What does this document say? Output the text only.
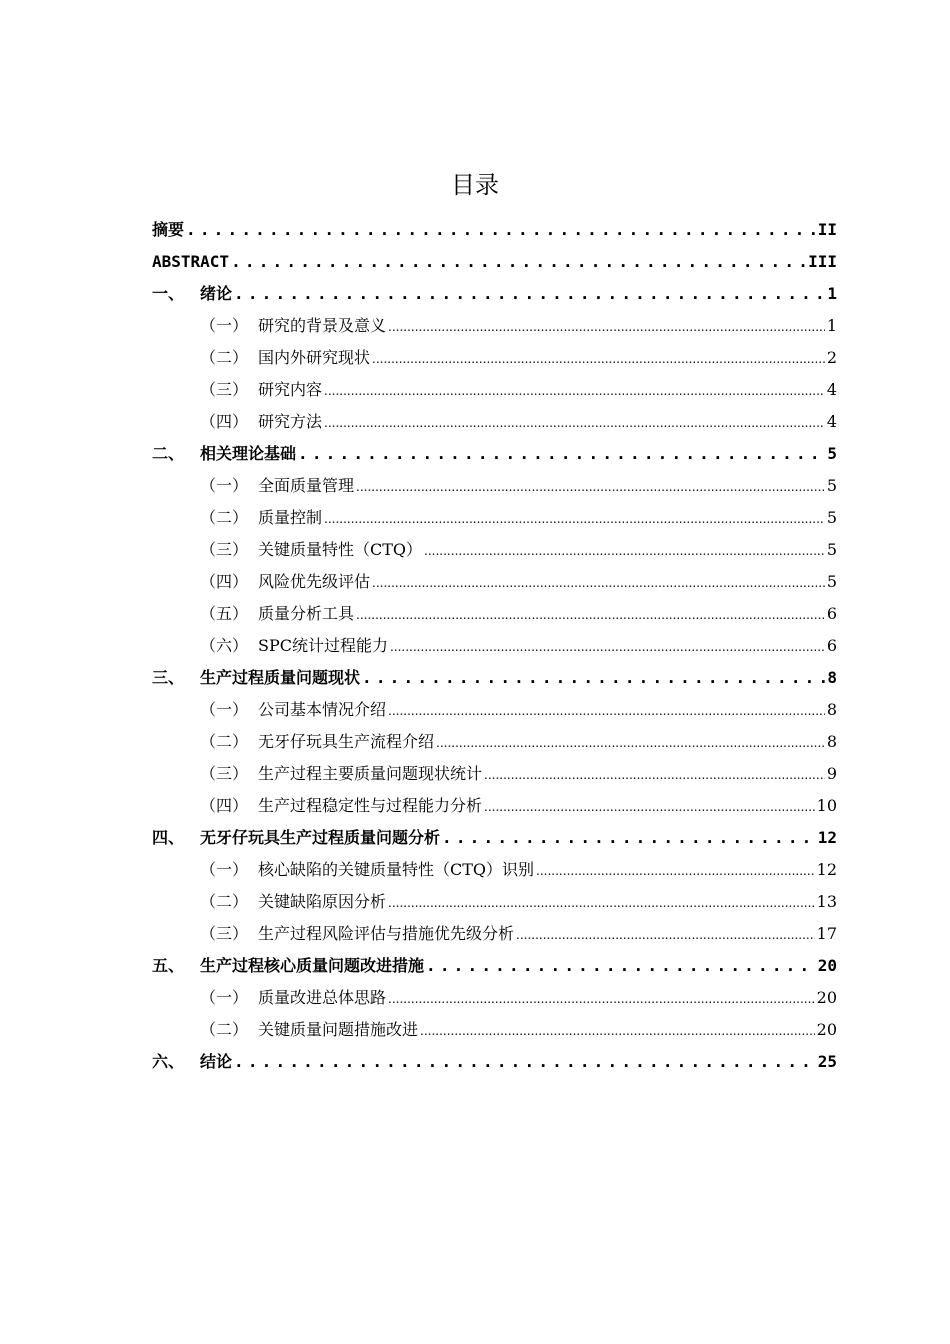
目录
摘要 .....	II
ABSTRACT .....	III
一、 绪论 .....	1
（一） 研究的背景及意义 .....	1
（二） 国内外研究现状 .....	2
（三） 研究内容 .....	4
（四） 研究方法 .....	4
二、 相关理论基础 .....	5
（一） 全面质量管理 .....	5
（二） 质量控制 .....	5
（三） 关键质量特性（CTQ） .....	5
（四） 风险优先级评估 .....	5
（五） 质量分析工具 .....	6
（六） SPC统计过程能力 .....	6
三、 生产过程质量问题现状 .....	8
（一） 公司基本情况介绍 .....	8
（二） 无牙仔玩具生产流程介绍 .....	8
（三） 生产过程主要质量问题现状统计 .....	9
（四） 生产过程稳定性与过程能力分析 .....	10
四、 无牙仔玩具生产过程质量问题分析 .....	12
（一） 核心缺陷的关键质量特性（CTQ）识别 .....	12
（二） 关键缺陷原因分析 .....	13
（三） 生产过程风险评估与措施优先级分析 .....	17
五、 生产过程核心质量问题改进措施 .....	20
（一） 质量改进总体思路 .....	20
（二） 关键质量问题措施改进 .....	20
六、 结论 .....	25
